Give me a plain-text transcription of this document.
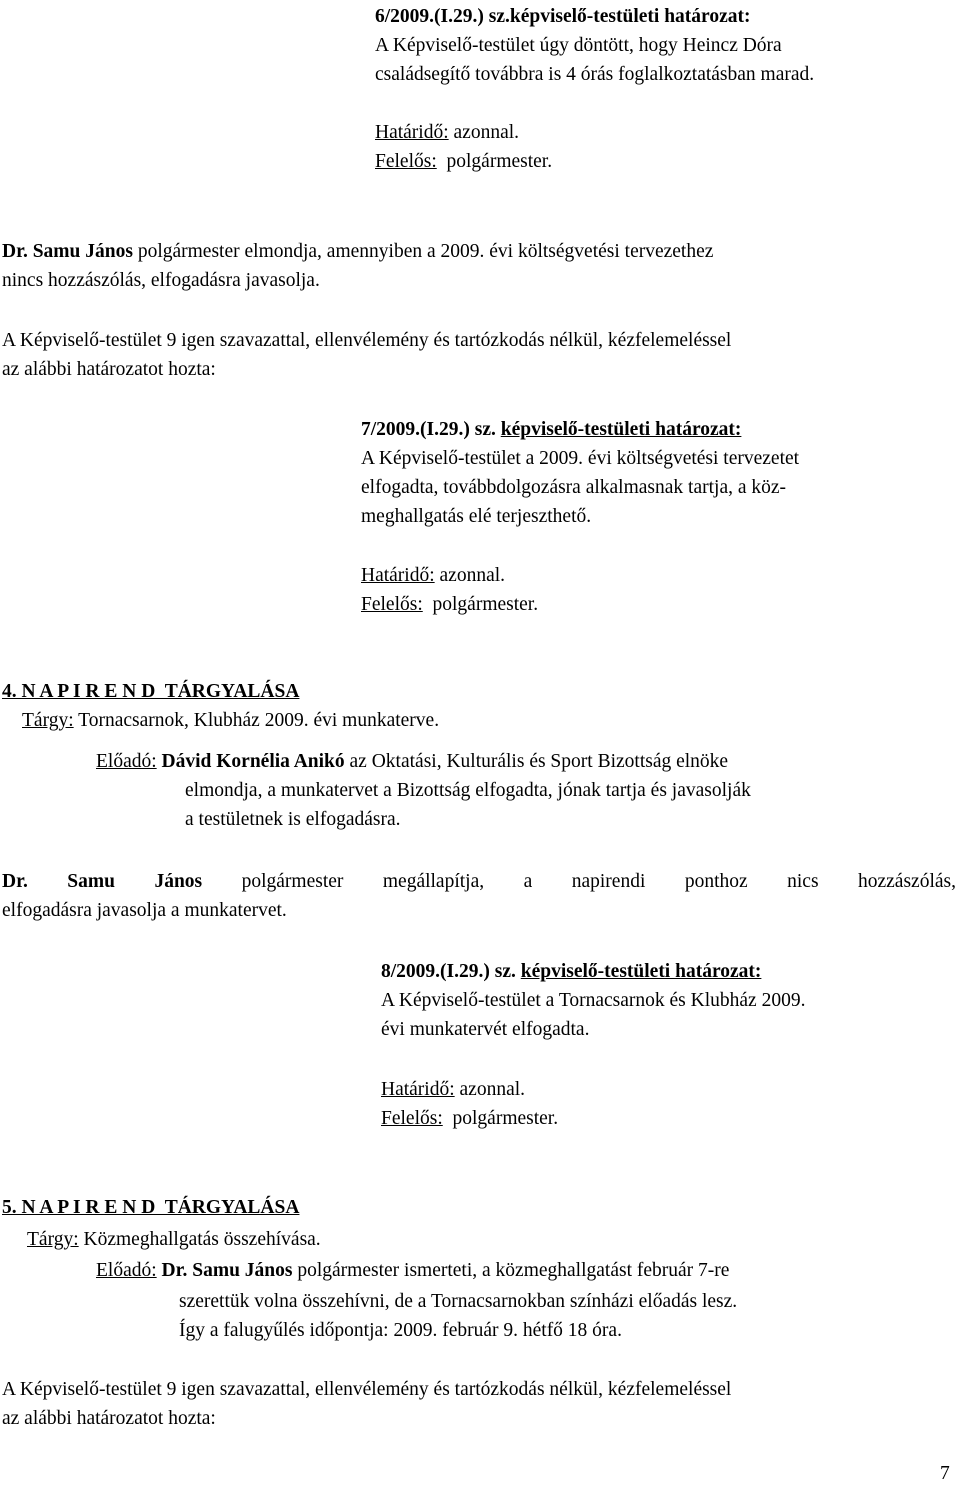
6/2009.(I.29.) sz.képviselő-testületi határozat:
A Képviselő-testület úgy döntött, hogy Heincz Dóra
családsegítő továbbra is 4 órás foglalkoztatásban marad.
Határidő: azonnal.
Felelős: polgármester.
Dr. Samu János polgármester elmondja, amennyiben a 2009. évi költségvetési tervezethez
nincs hozzászólás, elfogadásra javasolja.
A Képviselő-testület 9 igen szavazattal, ellenvélemény és tartózkodás nélkül, kézfelemeléssel
az alábbi határozatot hozta:
7/2009.(I.29.) sz. képviselő-testületi határozat:
A Képviselő-testület a 2009. évi költségvetési tervezetet
elfogadta, továbbdolgozásra alkalmasnak tartja, a köz-
meghallgatás elé terjeszthető.
Határidő: azonnal.
Felelős: polgármester.
4. N A P I R E N D  TÁRGYALÁSA
Tárgy: Tornacsarnok, Klubház 2009. évi munkaterve.
Előadó: Dávid Kornélia Anikó az Oktatási, Kulturális és Sport Bizottság elnöke
elmondja, a munkatervet a Bizottság elfogadta, jónak tartja és javasolják
a testületnek is elfogadásra.
Dr. Samu János polgármester megállapítja, a napirendi ponthoz nics hozzászólás,
elfogadásra javasolja a munkatervet.
8/2009.(I.29.) sz. képviselő-testületi határozat:
A Képviselő-testület a Tornacsarnok és Klubház 2009.
évi munkatervét elfogadta.
Határidő: azonnal.
Felelős: polgármester.
5. N A P I R E N D  TÁRGYALÁSA
Tárgy: Közmeghallgatás összehívása.
Előadó: Dr. Samu János polgármester ismerteti, a közmeghallgatást február 7-re
szerettük volna összehívni, de a Tornacsarnokban színházi előadás lesz.
Így a falugyűlés időpontja: 2009. február 9. hétfő 18 óra.
A Képviselő-testület 9 igen szavazattal, ellenvélemény és tartózkodás nélkül, kézfelemeléssel
az alábbi határozatot hozta:
7
